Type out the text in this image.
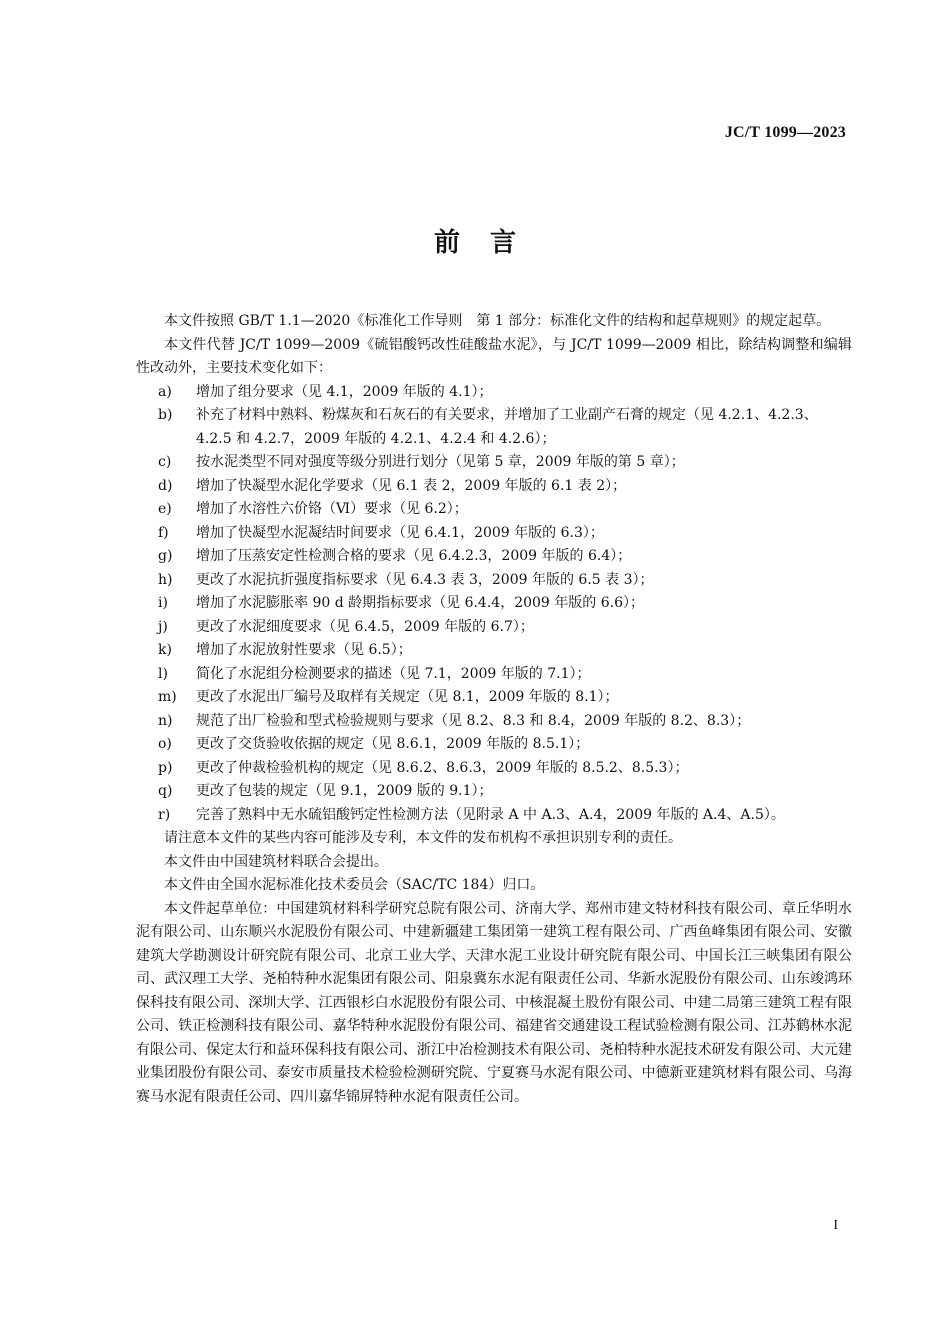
JC/T 1099—2023
前言

本文件按照 GB/T 1.1—2020《标准化工作导则　第 1 部分：标准化文件的结构和起草规则》的规定起草。

本文件代替 JC/T 1099—2009《硫铝酸钙改性硅酸盐水泥》，与 JC/T 1099—2009 相比，除结构调整和编辑性改动外，主要技术变化如下：

a) 增加了组分要求（见 4.1，2009 年版的 4.1）；
b) 补充了材料中熟料、粉煤灰和石灰石的有关要求，并增加了工业副产石膏的规定（见 4.2.1、4.2.3、4.2.5 和 4.2.7，2009 年版的 4.2.1、4.2.4 和 4.2.6）；
c) 按水泥类型不同对强度等级分别进行划分（见第 5 章，2009 年版的第 5 章）；
d) 增加了快凝型水泥化学要求（见 6.1 表 2，2009 年版的 6.1 表 2）；
e) 增加了水溶性六价铬（Ⅵ）要求（见 6.2）；
f) 增加了快凝型水泥凝结时间要求（见 6.4.1，2009 年版的 6.3）；
g) 增加了压蒸安定性检测合格的要求（见 6.4.2.3，2009 年版的 6.4）；
h) 更改了水泥抗折强度指标要求（见 6.4.3 表 3，2009 年版的 6.5 表 3）；
i) 增加了水泥膨胀率 90 d 龄期指标要求（见 6.4.4，2009 年版的 6.6）；
j) 更改了水泥细度要求（见 6.4.5，2009 年版的 6.7）；
k) 增加了水泥放射性要求（见 6.5）；
l) 简化了水泥组分检测要求的描述（见 7.1，2009 年版的 7.1）；
m) 更改了水泥出厂编号及取样有关规定（见 8.1，2009 年版的 8.1）；
n) 规范了出厂检验和型式检验规则与要求（见 8.2、8.3 和 8.4，2009 年版的 8.2、8.3）；
o) 更改了交货验收依据的规定（见 8.6.1，2009 年版的 8.5.1）；
p) 更改了仲裁检验机构的规定（见 8.6.2、8.6.3，2009 年版的 8.5.2、8.5.3）；
q) 更改了包装的规定（见 9.1，2009 版的 9.1）；
r) 完善了熟料中无水硫铝酸钙定性检测方法（见附录 A 中 A.3、A.4，2009 年版的 A.4、A.5）。

请注意本文件的某些内容可能涉及专利，本文件的发布机构不承担识别专利的责任。

本文件由中国建筑材料联合会提出。

本文件由全国水泥标准化技术委员会（SAC/TC 184）归口。

本文件起草单位：中国建筑材料科学研究总院有限公司、济南大学、郑州市建文特材科技有限公司、章丘华明水泥有限公司、山东顺兴水泥股份有限公司、中建新疆建工集团第一建筑工程有限公司、广西鱼峰集团有限公司、安徽建筑大学勘测设计研究院有限公司、北京工业大学、天津水泥工业设计研究院有限公司、中国长江三峡集团有限公司、武汉理工大学、尧柏特种水泥集团有限公司、阳泉冀东水泥有限责任公司、华新水泥股份有限公司、山东竣鸿环保科技有限公司、深圳大学、江西银杉白水泥股份有限公司、中核混凝土股份有限公司、中建二局第三建筑工程有限公司、铁正检测科技有限公司、嘉华特种水泥股份有限公司、福建省交通建设工程试验检测有限公司、江苏鹤林水泥有限公司、保定太行和益环保科技有限公司、浙江中冶检测技术有限公司、尧柏特种水泥技术研发有限公司、大元建业集团股份有限公司、泰安市质量技术检验检测研究院、宁夏赛马水泥有限公司、中德新亚建筑材料有限公司、乌海赛马水泥有限责任公司、四川嘉华锦屏特种水泥有限责任公司。

I
